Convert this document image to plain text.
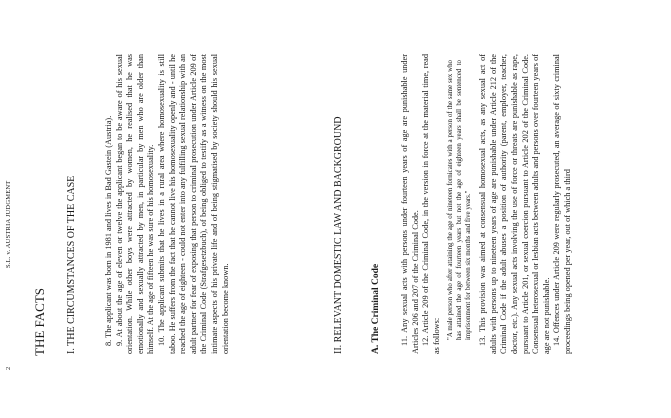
2
S.L. v. AUSTRIA JUDGMENT
THE FACTS I. THE CIRCUMSTANCES OF THE CASE	8. The applicant was born in 1981 and lives in Bad Gastein (Austria). 9. At about the age of eleven or twelve the applicant began to be aware of his sexual orientation. While other boys were attracted by women, he realised that he was emotionally and sexually attracted by men, in particular by men who are older than himself. At the age of fifteen he was sure of his homosexuality. 10. The applicant submits that he lives in a rural area where homosexuality is still taboo. He suffers from the fact that he cannot live his homosexuality openly and - until he reached the age of eighteen - could not enter into any fulfilling sexual relationship with an adult partner for fear of exposing that person to criminal prosecution under Article 209 of the Criminal Code (Strafgesetzbuch), of being obliged to testify as a witness on the most intimate aspects of his private life and of being stigmatised by society should his sexual orientation become known.	II. RELEVANT DOMESTIC LAW AND BACKGROUND	A. The Criminal Code 11. Any sexual acts with persons under fourteen years of age are punishable under Articles 206 and 207 of the Criminal Code. 12. Article 209 of the Criminal Code, in the version in force at the material time, read as follows: "A male person who after attaining the age of nineteen fornicates with a person of the same sex who has attained the age of fourteen years but not the age of eighteen years shall be sentenced to imprisonment for between six months and five years." 13. This provision was aimed at consensual homosexual acts, as any sexual act of adults with persons up to nineteen years of age are punishable under Article 212 of the Criminal Code if the adult abuses a position of authority (parent, employer, teacher, doctor, etc.). Any sexual acts involving the use of force or threats are punishable as rape, pursuant to Article 201, or sexual coercion pursuant to Article 202 of the Criminal Code. Consensual heterosexual or lesbian acts between adults and persons over fourteen years of age are not punishable. 14. Offences under Article 209 were regularly prosecuted, an average of sixty criminal proceedings being opened per year, out of which a third
